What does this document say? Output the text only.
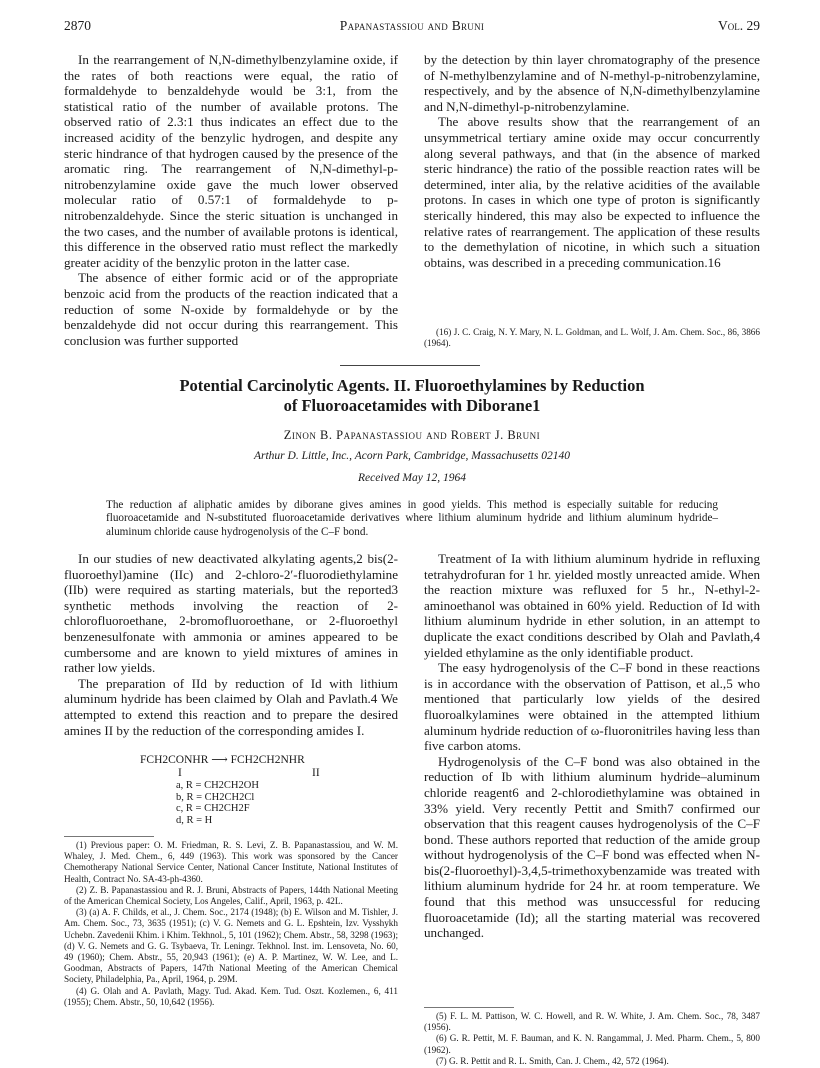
2870	Papanastassiou and Bruni	Vol. 29

In the rearrangement of N,N-dimethylbenzylamine oxide, if the rates of both reactions were equal, the ratio of formaldehyde to benzaldehyde would be 3:1, from the statistical ratio of the number of available protons. The observed ratio of 2.3:1 thus indicates an effect due to the increased acidity of the benzylic hydrogen, and despite any steric hindrance of that hydrogen caused by the presence of the aromatic ring. The rearrangement of N,N-dimethyl-p-nitrobenzylamine oxide gave the much lower observed molecular ratio of 0.57:1 of formaldehyde to p-nitrobenzaldehyde. Since the steric situation is unchanged in the two cases, and the number of available protons is identical, this difference in the observed ratio must reflect the markedly greater acidity of the benzylic proton in the latter case.

The absence of either formic acid or of the appropriate benzoic acid from the products of the reaction indicated that a reduction of some N-oxide by formaldehyde or by the benzaldehyde did not occur during this rearrangement. This conclusion was further supported

by the detection by thin layer chromatography of the presence of N-methylbenzylamine and of N-methyl-p-nitrobenzylamine, respectively, and by the absence of N,N-dimethylbenzylamine and N,N-dimethyl-p-nitrobenzylamine.

The above results show that the rearrangement of an unsymmetrical tertiary amine oxide may occur concurrently along several pathways, and that (in the absence of marked steric hindrance) the ratio of the possible reaction rates will be determined, inter alia, by the relative acidities of the available protons. In cases in which one type of proton is significantly sterically hindered, this may also be expected to influence the relative rates of rearrangement. The application of these results to the demethylation of nicotine, in which such a situation obtains, was described in a preceding communication.16

(16) J. C. Craig, N. Y. Mary, N. L. Goldman, and L. Wolf, J. Am. Chem. Soc., 86, 3866 (1964).

Potential Carcinolytic Agents. II. Fluoroethylamines by Reduction
of Fluoroacetamides with Diborane1
Zinon B. Papanastassiou and Robert J. Bruni
Arthur D. Little, Inc., Acorn Park, Cambridge, Massachusetts 02140
Received May 12, 1964
The reduction af aliphatic amides by diborane gives amines in good yields. This method is especially suitable for reducing fluoroacetamide and N-substituted fluoroacetamide derivatives where lithium aluminum hydride and lithium aluminum hydride–aluminum chloride cause hydrogenolysis of the C–F bond.

In our studies of new deactivated alkylating agents,2 bis(2-fluoroethyl)amine (IIc) and 2-chloro-2′-fluorodiethylamine (IIb) were required as starting materials, but the reported3 synthetic methods involving the reaction of 2-chlorofluoroethane, 2-bromofluoroethane, or 2-fluoroethyl benzenesulfonate with ammonia or amines appeared to be cumbersome and are known to yield mixtures of amines in rather low yields.

The preparation of IId by reduction of Id with lithium aluminum hydride has been claimed by Olah and Pavlath.4 We attempted to extend this reaction and to prepare the desired amines II by the reduction of the corresponding amides I.

FCH2CONHR ⟶ FCH2CH2NHR
I	II
a, R = CH2CH2OH
b, R = CH2CH2Cl
c, R = CH2CH2F
d, R = H

(1) Previous paper: O. M. Friedman, R. S. Levi, Z. B. Papanastassiou, and W. M. Whaley, J. Med. Chem., 6, 449 (1963). This work was sponsored by the Cancer Chemotherapy National Service Center, National Cancer Institute, National Institutes of Health, Contract No. SA-43-ph-4360.

(2) Z. B. Papanastassiou and R. J. Bruni, Abstracts of Papers, 144th National Meeting of the American Chemical Society, Los Angeles, Calif., April, 1963, p. 42L.

(3) (a) A. F. Childs, et al., J. Chem. Soc., 2174 (1948); (b) E. Wilson and M. Tishler, J. Am. Chem. Soc., 73, 3635 (1951); (c) V. G. Nemets and G. L. Epshtein, Izv. Vysshykh Uchebn. Zavedenii Khim. i Khim. Tekhnol., 5, 101 (1962); Chem. Abstr., 58, 3298 (1963); (d) V. G. Nemets and G. G. Tsybaeva, Tr. Leningr. Tekhnol. Inst. im. Lensoveta, No. 60, 49 (1960); Chem. Abstr., 55, 20,943 (1961); (e) A. P. Martinez, W. W. Lee, and L. Goodman, Abstracts of Papers, 147th National Meeting of the American Chemical Society, Philadelphia, Pa., April, 1964, p. 29M.

(4) G. Olah and A. Pavlath, Magy. Tud. Akad. Kem. Tud. Oszt. Kozlemen., 6, 411 (1955); Chem. Abstr., 50, 10,642 (1956).

Treatment of Ia with lithium aluminum hydride in refluxing tetrahydrofuran for 1 hr. yielded mostly unreacted amide. When the reaction mixture was refluxed for 5 hr., N-ethyl-2-aminoethanol was obtained in 60% yield. Reduction of Id with lithium aluminum hydride in ether solution, in an attempt to duplicate the exact conditions described by Olah and Pavlath,4 yielded ethylamine as the only identifiable product.

The easy hydrogenolysis of the C–F bond in these reactions is in accordance with the observation of Pattison, et al.,5 who mentioned that particularly low yields of the desired fluoroalkylamines were obtained in the attempted lithium aluminum hydride reduction of ω-fluoronitriles having less than five carbon atoms.

Hydrogenolysis of the C–F bond was also obtained in the reduction of Ib with lithium aluminum hydride–aluminum chloride reagent6 and 2-chlorodiethylamine was obtained in 33% yield. Very recently Pettit and Smith7 confirmed our observation that this reagent causes hydrogenolysis of the C–F bond. These authors reported that reduction of the amide group without hydrogenolysis of the C–F bond was effected when N-bis(2-fluoroethyl)-3,4,5-trimethoxybenzamide was treated with lithium aluminum hydride for 24 hr. at room temperature. We found that this method was unsuccessful for reducing fluoroacetamide (Id); all the starting material was recovered unchanged.

(5) F. L. M. Pattison, W. C. Howell, and R. W. White, J. Am. Chem. Soc., 78, 3487 (1956).

(6) G. R. Pettit, M. F. Bauman, and K. N. Rangammal, J. Med. Pharm. Chem., 5, 800 (1962).

(7) G. R. Pettit and R. L. Smith, Can. J. Chem., 42, 572 (1964).
